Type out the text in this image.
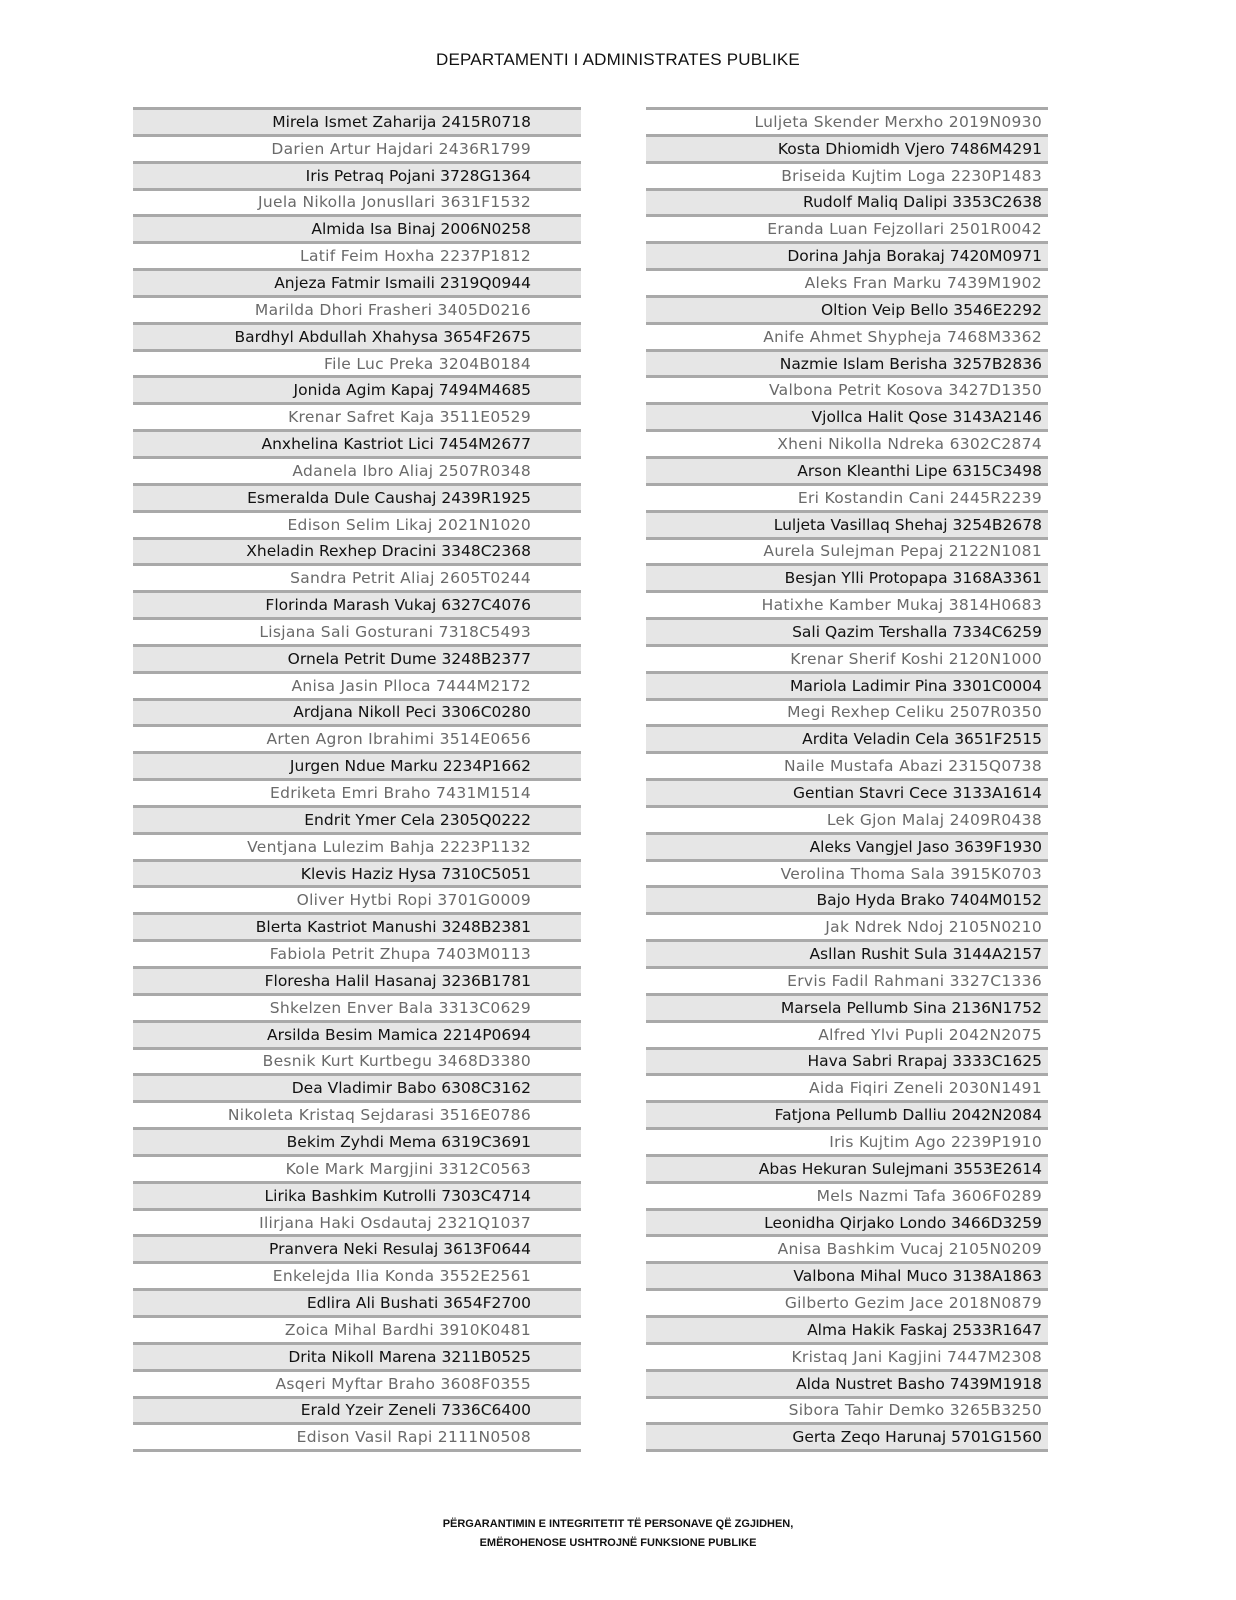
DEPARTAMENTI I ADMINISTRATES PUBLIKE
Mirela Ismet Zaharija 2415R0718
Darien Artur Hajdari 2436R1799
Iris Petraq Pojani 3728G1364
Juela Nikolla Jonusllari 3631F1532
Almida Isa Binaj 2006N0258
Latif Feim Hoxha 2237P1812
Anjeza Fatmir Ismaili 2319Q0944
Marilda Dhori Frasheri 3405D0216
Bardhyl Abdullah Xhahysa 3654F2675
File Luc Preka 3204B0184
Jonida Agim Kapaj 7494M4685
Krenar Safret Kaja 3511E0529
Anxhelina Kastriot Lici 7454M2677
Adanela Ibro Aliaj 2507R0348
Esmeralda Dule Caushaj 2439R1925
Edison Selim Likaj 2021N1020
Xheladin Rexhep Dracini 3348C2368
Sandra Petrit Aliaj 2605T0244
Florinda Marash Vukaj 6327C4076
Lisjana Sali Gosturani 7318C5493
Ornela Petrit Dume 3248B2377
Anisa Jasin Plloca 7444M2172
Ardjana Nikoll Peci 3306C0280
Arten Agron Ibrahimi 3514E0656
Jurgen Ndue Marku 2234P1662
Edriketa Emri Braho 7431M1514
Endrit Ymer Cela 2305Q0222
Ventjana Lulezim Bahja 2223P1132
Klevis Haziz Hysa 7310C5051
Oliver Hytbi Ropi 3701G0009
Blerta Kastriot Manushi 3248B2381
Fabiola Petrit Zhupa 7403M0113
Floresha Halil Hasanaj 3236B1781
Shkelzen Enver Bala 3313C0629
Arsilda Besim Mamica 2214P0694
Besnik Kurt Kurtbegu 3468D3380
Dea Vladimir Babo 6308C3162
Nikoleta Kristaq Sejdarasi 3516E0786
Bekim Zyhdi Mema 6319C3691
Kole Mark Margjini 3312C0563
Lirika Bashkim Kutrolli 7303C4714
Ilirjana Haki Osdautaj 2321Q1037
Pranvera Neki Resulaj 3613F0644
Enkelejda Ilia Konda 3552E2561
Edlira Ali Bushati 3654F2700
Zoica Mihal Bardhi 3910K0481
Drita Nikoll Marena 3211B0525
Asqeri Myftar Braho 3608F0355
Erald Yzeir Zeneli 7336C6400
Edison Vasil Rapi 2111N0508
Luljeta Skender Merxho 2019N0930
Kosta Dhiomidh Vjero 7486M4291
Briseida Kujtim Loga 2230P1483
Rudolf Maliq Dalipi 3353C2638
Eranda Luan Fejzollari 2501R0042
Dorina Jahja Borakaj 7420M0971
Aleks Fran Marku 7439M1902
Oltion Veip Bello 3546E2292
Anife Ahmet Shypheja 7468M3362
Nazmie Islam Berisha 3257B2836
Valbona Petrit Kosova 3427D1350
Vjollca Halit Qose 3143A2146
Xheni Nikolla Ndreka 6302C2874
Arson Kleanthi Lipe 6315C3498
Eri Kostandin Cani 2445R2239
Luljeta Vasillaq Shehaj 3254B2678
Aurela Sulejman Pepaj 2122N1081
Besjan Ylli Protopapa 3168A3361
Hatixhe Kamber Mukaj 3814H0683
Sali Qazim Tershalla 7334C6259
Krenar Sherif Koshi 2120N1000
Mariola Ladimir Pina 3301C0004
Megi Rexhep Celiku 2507R0350
Ardita Veladin Cela 3651F2515
Naile Mustafa Abazi 2315Q0738
Gentian Stavri Cece 3133A1614
Lek Gjon Malaj 2409R0438
Aleks Vangjel Jaso 3639F1930
Verolina Thoma Sala 3915K0703
Bajo Hyda Brako 7404M0152
Jak Ndrek Ndoj 2105N0210
Asllan Rushit Sula 3144A2157
Ervis Fadil Rahmani 3327C1336
Marsela Pellumb Sina 2136N1752
Alfred Ylvi Pupli 2042N2075
Hava Sabri Rrapaj 3333C1625
Aida Fiqiri Zeneli 2030N1491
Fatjona Pellumb Dalliu 2042N2084
Iris Kujtim Ago 2239P1910
Abas Hekuran Sulejmani 3553E2614
Mels Nazmi Tafa 3606F0289
Leonidha Qirjako Londo 3466D3259
Anisa Bashkim Vucaj 2105N0209
Valbona Mihal Muco 3138A1863
Gilberto Gezim Jace 2018N0879
Alma Hakik Faskaj 2533R1647
Kristaq Jani Kagjini 7447M2308
Alda Nustret Basho 7439M1918
Sibora Tahir Demko 3265B3250
Gerta Zeqo Harunaj 5701G1560
PËRGARANTIMIN E INTEGRITETIT TË PERSONAVE QË ZGJIDHEN,
EMËROHENOSE USHTROJNË FUNKSIONE PUBLIKE
